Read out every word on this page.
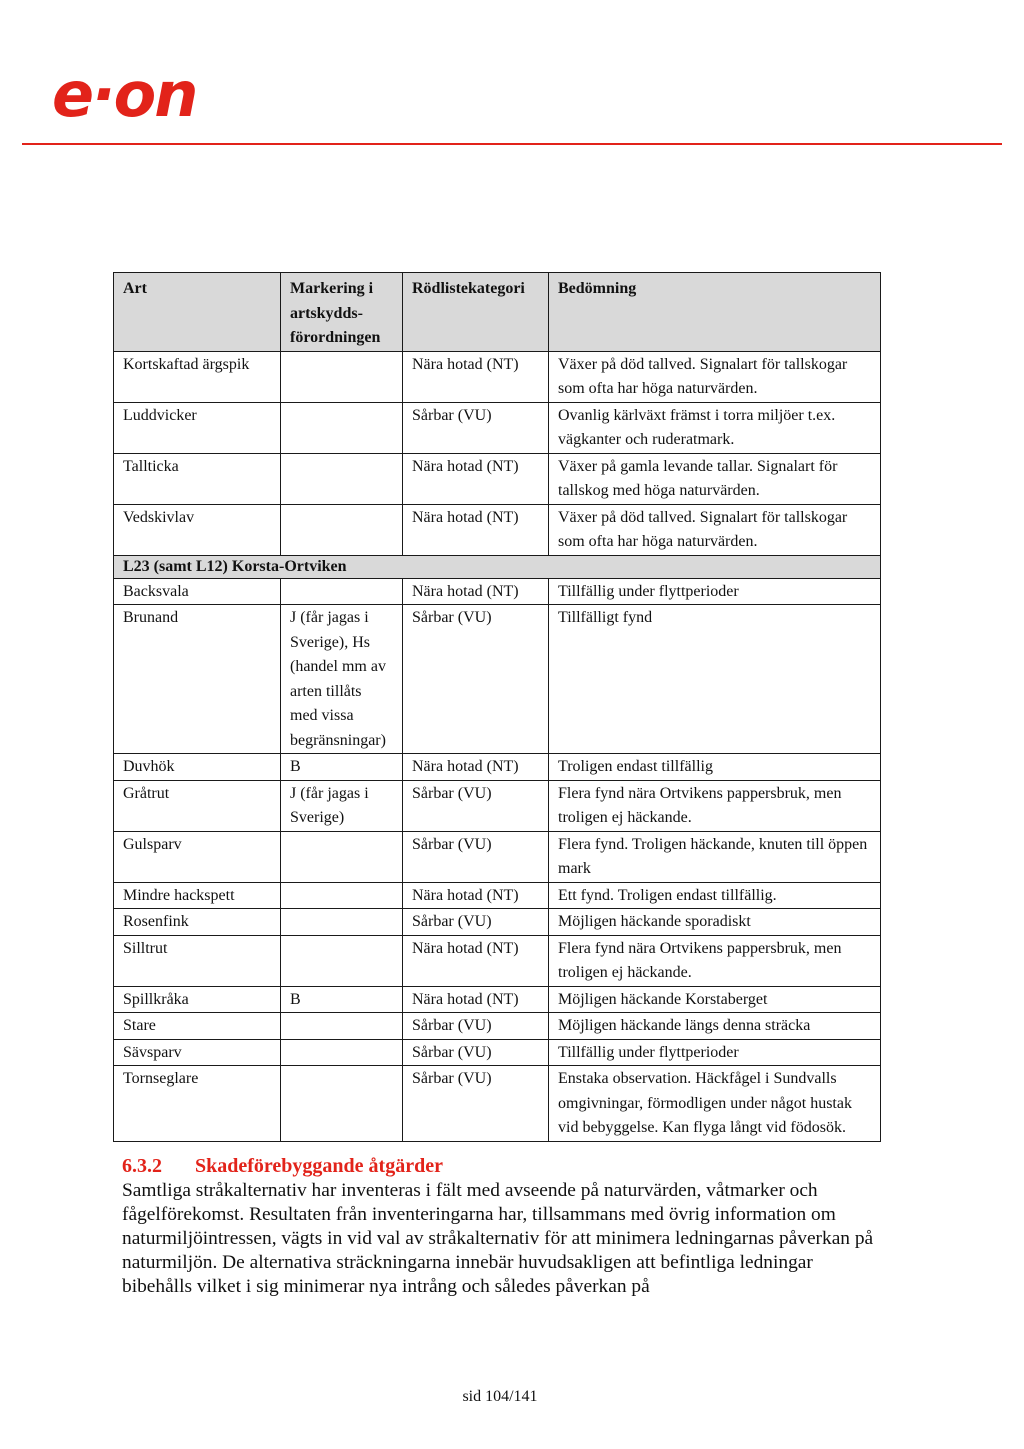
e·on
Art	Markering i artskydds-förordningen	Rödlistekategori	Bedömning
Kortskaftad ärgspik		Nära hotad (NT)	Växer på död tallved. Signalart för tallskogar som ofta har höga naturvärden.
Luddvicker		Sårbar (VU)	Ovanlig kärlväxt främst i torra miljöer t.ex. vägkanter och ruderatmark.
Tallticka		Nära hotad (NT)	Växer på gamla levande tallar. Signalart för tallskog med höga naturvärden.
Vedskivlav		Nära hotad (NT)	Växer på död tallved. Signalart för tallskogar som ofta har höga naturvärden.
L23 (samt L12) Korsta-Ortviken			
Backsvala		Nära hotad (NT)	Tillfällig under flyttperioder
Brunand	J (får jagas i Sverige), Hs (handel mm av arten tillåts med vissa begränsningar)	Sårbar (VU)	Tillfälligt fynd
Duvhök	B	Nära hotad (NT)	Troligen endast tillfällig
Gråtrut	J (får jagas i Sverige)	Sårbar (VU)	Flera fynd nära Ortvikens pappersbruk, men troligen ej häckande.
Gulsparv		Sårbar (VU)	Flera fynd. Troligen häckande, knuten till öppen mark
Mindre hackspett		Nära hotad (NT)	Ett fynd. Troligen endast tillfällig.
Rosenfink		Sårbar (VU)	Möjligen häckande sporadiskt
Silltrut		Nära hotad (NT)	Flera fynd nära Ortvikens pappersbruk, men troligen ej häckande.
Spillkråka	B	Nära hotad (NT)	Möjligen häckande Korstaberget
Stare		Sårbar (VU)	Möjligen häckande längs denna sträcka
Sävsparv		Sårbar (VU)	Tillfällig under flyttperioder
Tornseglare		Sårbar (VU)	Enstaka observation. Häckfågel i Sundvalls omgivningar, förmodligen under något hustak vid bebyggelse. Kan flyga långt vid födosök.
6.3.2 Skadeförebyggande åtgärder

Samtliga stråkalternativ har inventeras i fält med avseende på naturvärden, våtmarker och fågelförekomst. Resultaten från inventeringarna har, tillsammans med övrig information om naturmiljöintressen, vägts in vid val av stråkalternativ för att minimera ledningarnas påverkan på naturmiljön. De alternativa sträckningarna innebär huvudsakligen att befintliga ledningar bibehålls vilket i sig minimerar nya intrång och således påverkan på

sid 104/141
